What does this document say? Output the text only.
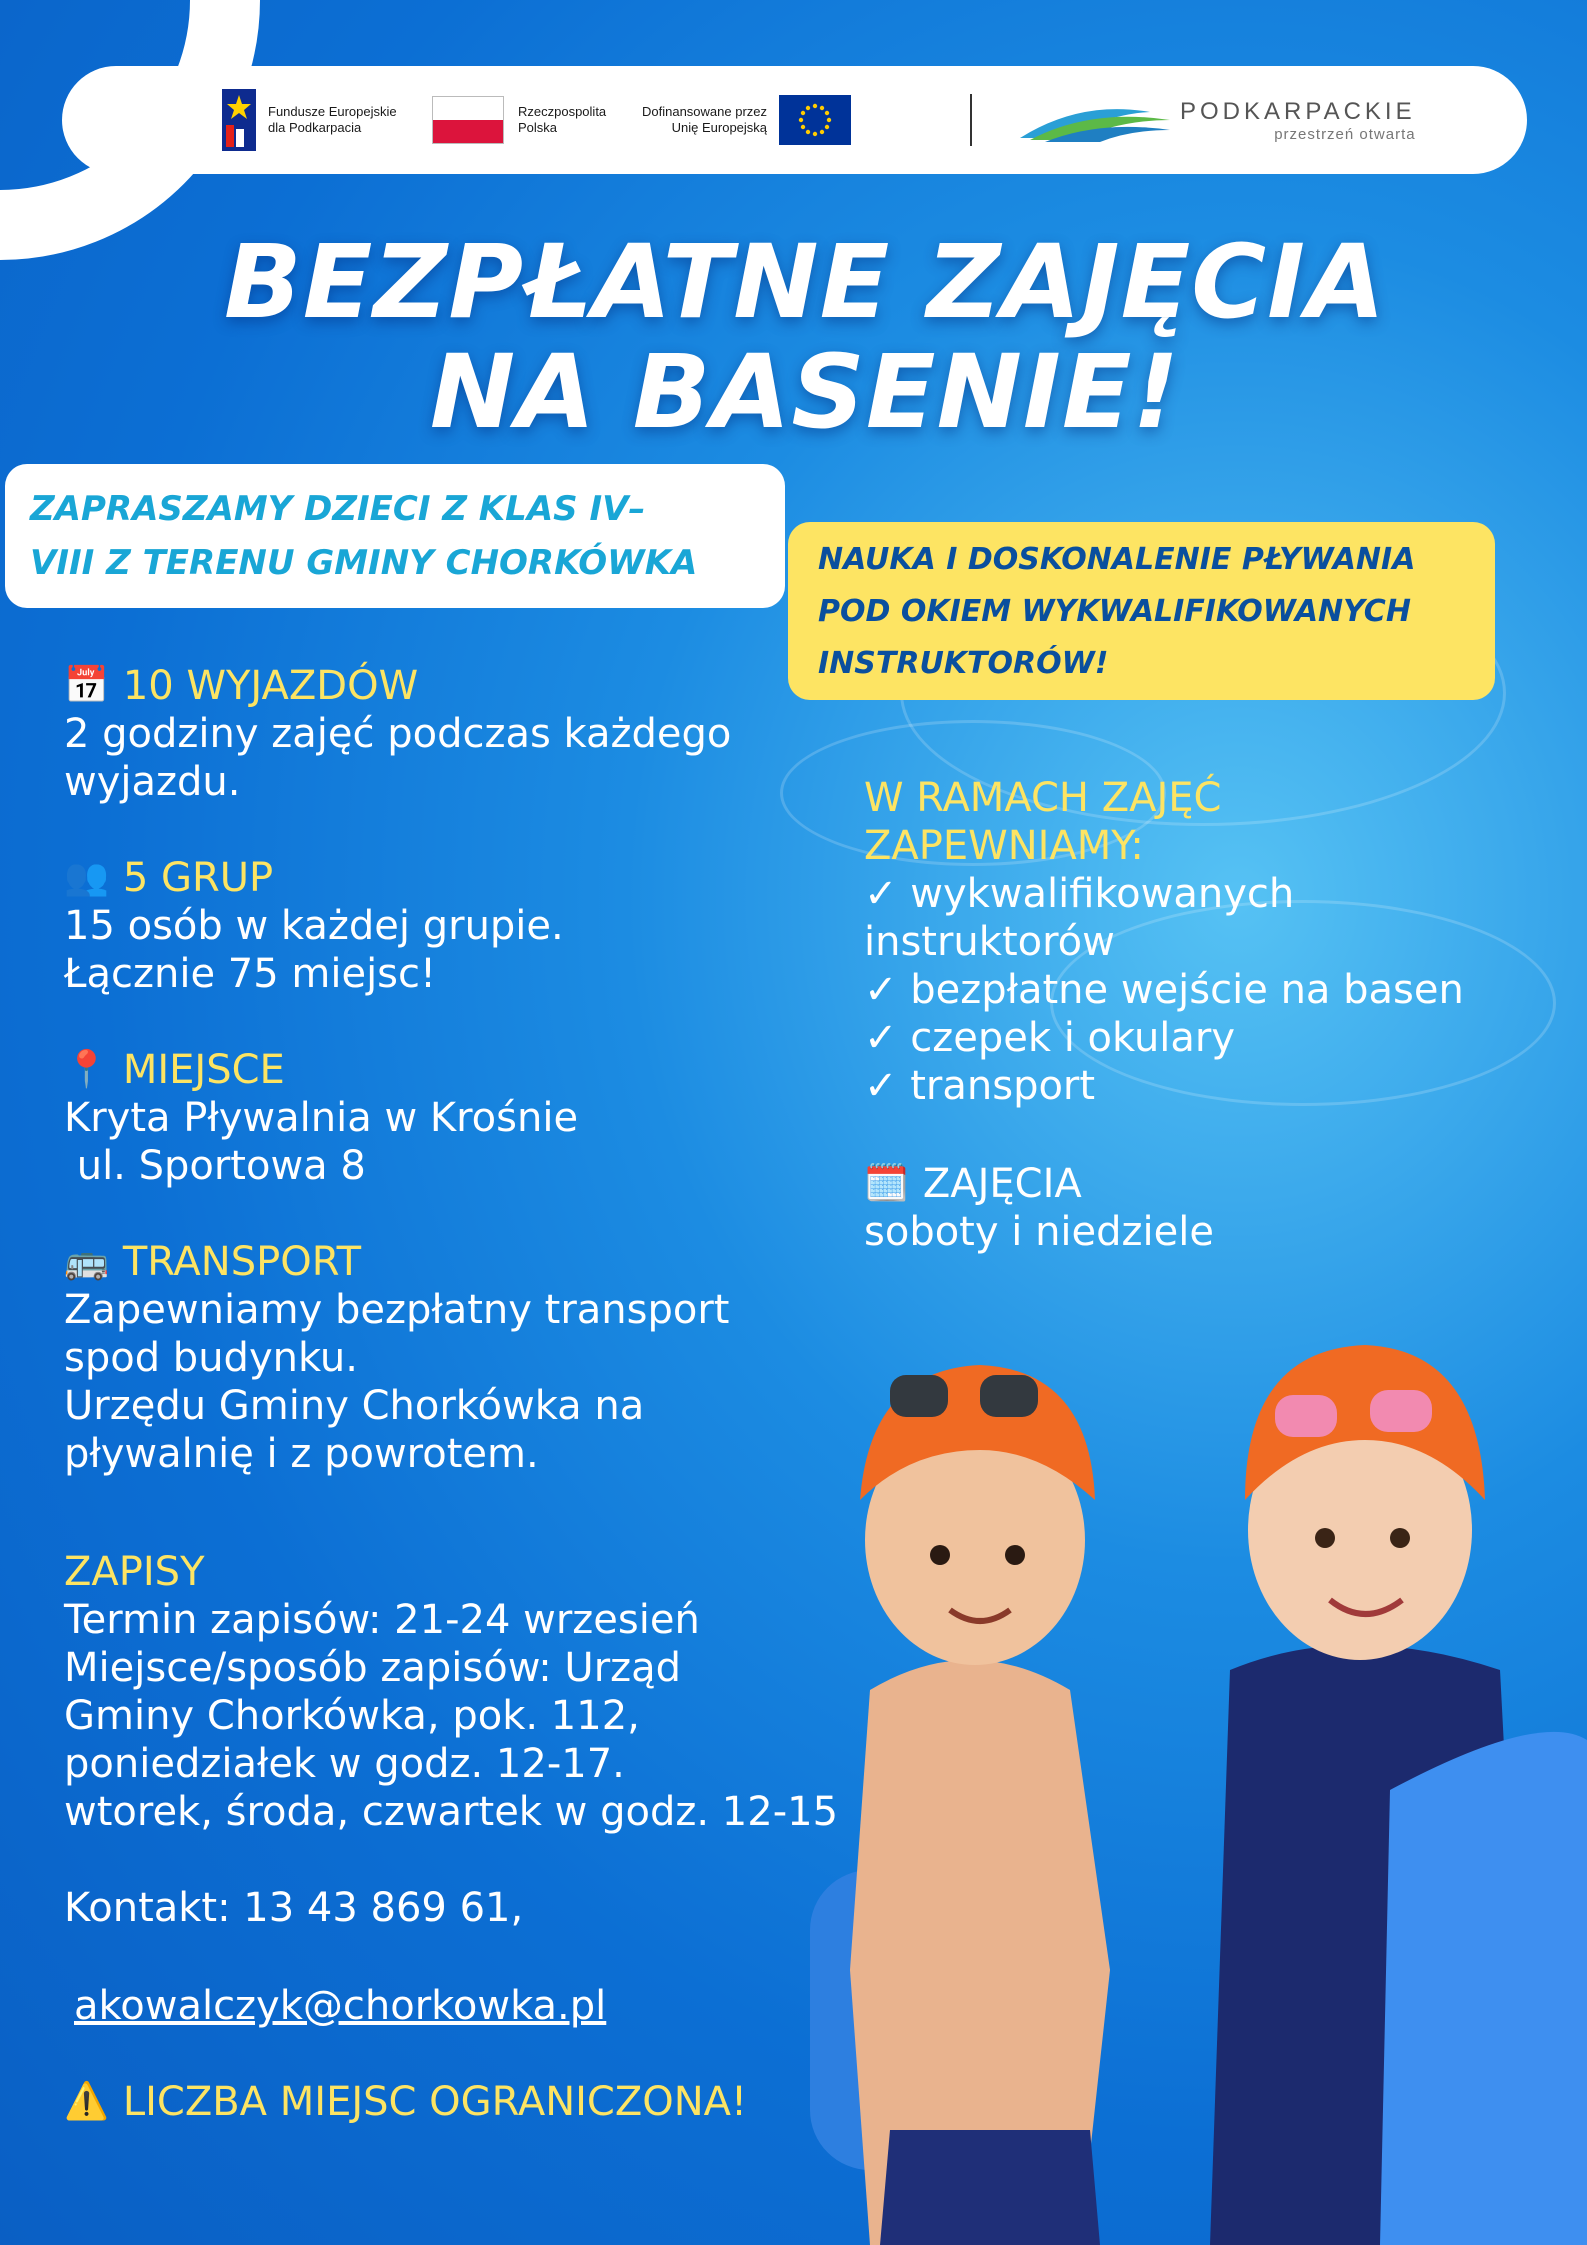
Fundusze Europejskie
dla Podkarpacia
Rzeczpospolita
Polska
Dofinansowane przez
Unię Europejską
PODKARPACKIE
przestrzeń otwarta
BEZPŁATNE ZAJĘCIA
NA BASENIE!
ZAPRASZAMY DZIECI Z KLAS IV–
VIII Z TERENU GMINY CHORKÓWKA	NAUKA I DOSKONALENIE PŁYWANIA
POD OKIEM WYKWALIFIKOWANYCH
INSTRUKTORÓW!
📅 10 WYJAZDÓW
2 godziny zajęć podczas każdego
wyjazdu.
👥 5 GRUP
15 osób w każdej grupie.
Łącznie 75 miejsc!
📍 MIEJSCE
Kryta Pływalnia w Krośnie
ul. Sportowa 8
🚌 TRANSPORT
Zapewniamy bezpłatny transport
spod budynku.
Urzędu Gminy Chorkówka na
pływalnię i z powrotem.
ZAPISY
Termin zapisów: 21-24 wrzesień
Miejsce/sposób zapisów: Urząd
Gminy Chorkówka, pok. 112,
poniedziałek w godz. 12-17.
wtorek, środa, czwartek w godz. 12-15
Kontakt: 13 43 869 61,
akowalczyk@chorkowka.pl
⚠️ LICZBA MIEJSC OGRANICZONA!
W RAMACH ZAJĘĆ
ZAPEWNIAMY:
✓ wykwalifikowanych
instruktorów
✓ bezpłatne wejście na basen
✓ czepek i okulary
✓ transport
🗓️ ZAJĘCIA
soboty i niedziele
